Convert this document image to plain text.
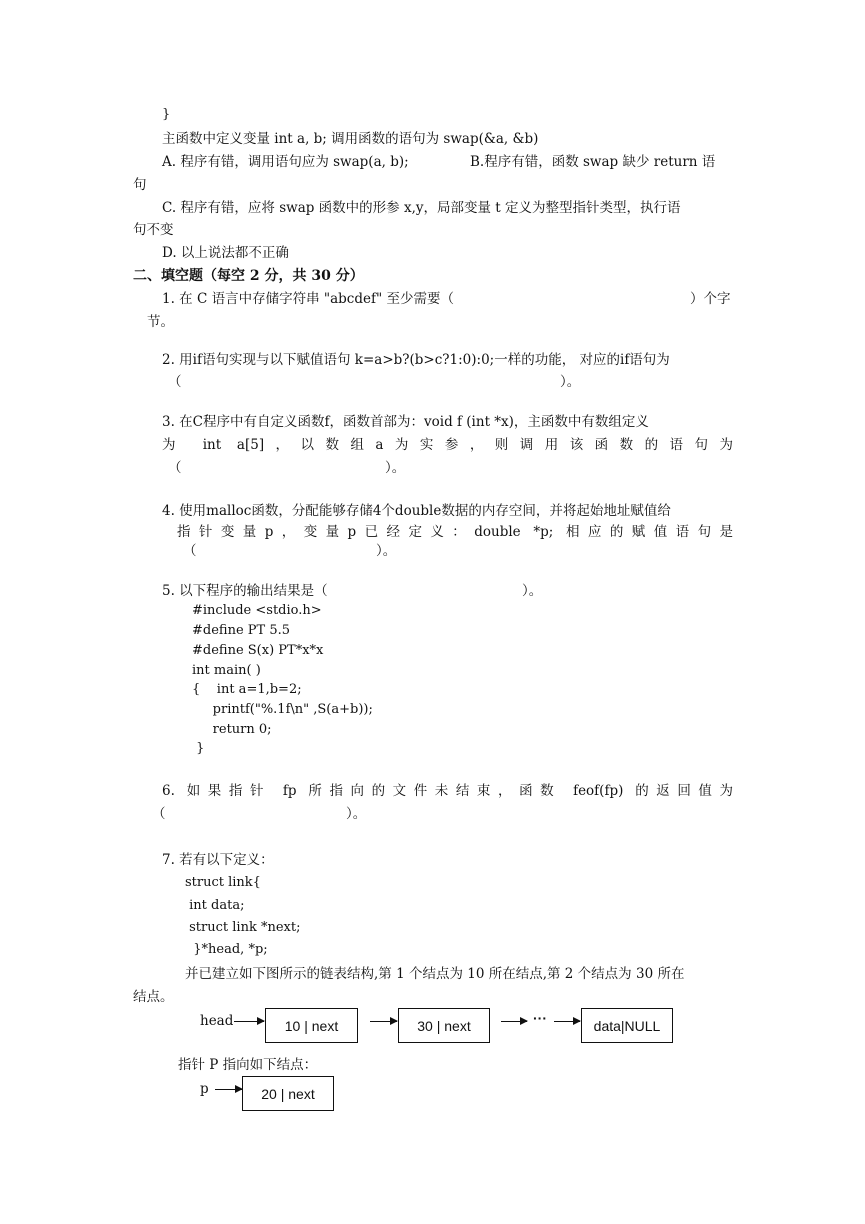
}
主函数中定义变量 int a, b; 调用函数的语句为 swap(&a, &b)
A. 程序有错，调用语句应为 swap(a, b);	B.程序有错，函数 swap 缺少 return 语
句
C. 程序有错，应将 swap 函数中的形参 x,y，局部变量 t 定义为整型指针类型，执行语
句不变
D. 以上说法都不正确
二、填空题（每空 2 分，共 30 分）
1. 在 C 语言中存储字符串 "abcdef" 至少需要（	）个字
节。
2. 用if语句实现与以下赋值语句 k=a>b?(b>c?1:0):0;一样的功能， 对应的if语句为
（	）。
3. 在C程序中有自定义函数f，函数首部为：void f (int *x)，主函数中有数组定义
为 int a[5]，以数组a为实参，则调用该函数的语句为
（	）。
4. 使用malloc函数，分配能够存储4个double数据的内存空间，并将起始地址赋值给
指针变量p，变量p已经定义：double *p; 相应的赋值语句是
（	）。
5. 以下程序的输出结果是（	）。
#include <stdio.h>
#define PT 5.5
#define S(x) PT*x*x
int main( )
{    int a=1,b=2;
printf("%.1f\n" ,S(a+b));
return 0;
}
6. 如果指针 fp 所指向的文件未结束，函数 feof(fp) 的返回值为
（	）。
7. 若有以下定义：
struct link{
int data;
struct link *next;
}*head, *p;
并已建立如下图所示的链表结构,第 1 个结点为 10 所在结点,第 2 个结点为 30 所在
结点。
head	10 | next	30 | next	···	data|NULL
指针 P 指向如下结点：
p	20 | next
